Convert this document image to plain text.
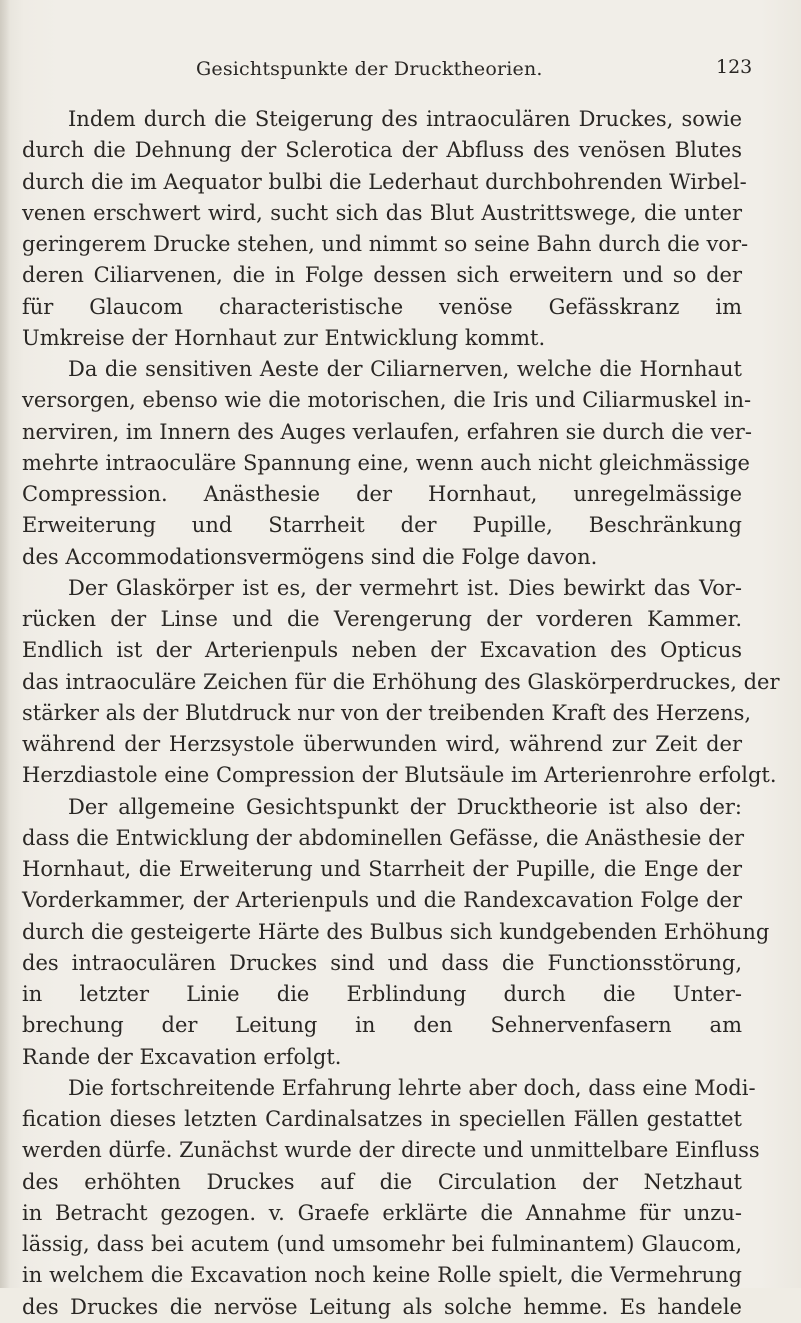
Gesichtspunkte der Drucktheorien.	123
Indem durch die Steigerung des intraoculären Druckes, sowie
durch die Dehnung der Sclerotica der Abfluss des venösen Blutes
durch die im Aequator bulbi die Lederhaut durchbohrenden Wirbel-
venen erschwert wird, sucht sich das Blut Austrittswege, die unter
geringerem Drucke stehen, und nimmt so seine Bahn durch die vor-
deren Ciliarvenen, die in Folge dessen sich erweitern und so der
für Glaucom characteristische venöse Gefässkranz im
Umkreise der Hornhaut zur Entwicklung kommt.
Da die sensitiven Aeste der Ciliarnerven, welche die Hornhaut
versorgen, ebenso wie die motorischen, die Iris und Ciliarmuskel in-
nerviren, im Innern des Auges verlaufen, erfahren sie durch die ver-
mehrte intraoculäre Spannung eine, wenn auch nicht gleichmässige
Compression. Anästhesie der Hornhaut, unregelmässige
Erweiterung und Starrheit der Pupille, Beschränkung
des Accommodationsvermögens sind die Folge davon.
Der Glaskörper ist es, der vermehrt ist. Dies bewirkt das Vor-
rücken der Linse und die Verengerung der vorderen Kammer.
Endlich ist der Arterienpuls neben der Excavation des Opticus
das intraoculäre Zeichen für die Erhöhung des Glaskörperdruckes, der
stärker als der Blutdruck nur von der treibenden Kraft des Herzens,
während der Herzsystole überwunden wird, während zur Zeit der
Herzdiastole eine Compression der Blutsäule im Arterienrohre erfolgt.
Der allgemeine Gesichtspunkt der Drucktheorie ist also der:
dass die Entwicklung der abdominellen Gefässe, die Anästhesie der
Hornhaut, die Erweiterung und Starrheit der Pupille, die Enge der
Vorderkammer, der Arterienpuls und die Randexcavation Folge der
durch die gesteigerte Härte des Bulbus sich kundgebenden Erhöhung
des intraoculären Druckes sind und dass die Functionsstörung,
in letzter Linie die Erblindung durch die Unter-
brechung der Leitung in den Sehnervenfasern am
Rande der Excavation erfolgt.
Die fortschreitende Erfahrung lehrte aber doch, dass eine Modi-
fication dieses letzten Cardinalsatzes in speciellen Fällen gestattet
werden dürfe. Zunächst wurde der directe und unmittelbare Einfluss
des erhöhten Druckes auf die Circulation der Netzhaut
in Betracht gezogen. v. Graefe erklärte die Annahme für unzu-
lässig, dass bei acutem (und umsomehr bei fulminantem) Glaucom,
in welchem die Excavation noch keine Rolle spielt, die Vermehrung
des Druckes die nervöse Leitung als solche hemme. Es handele
